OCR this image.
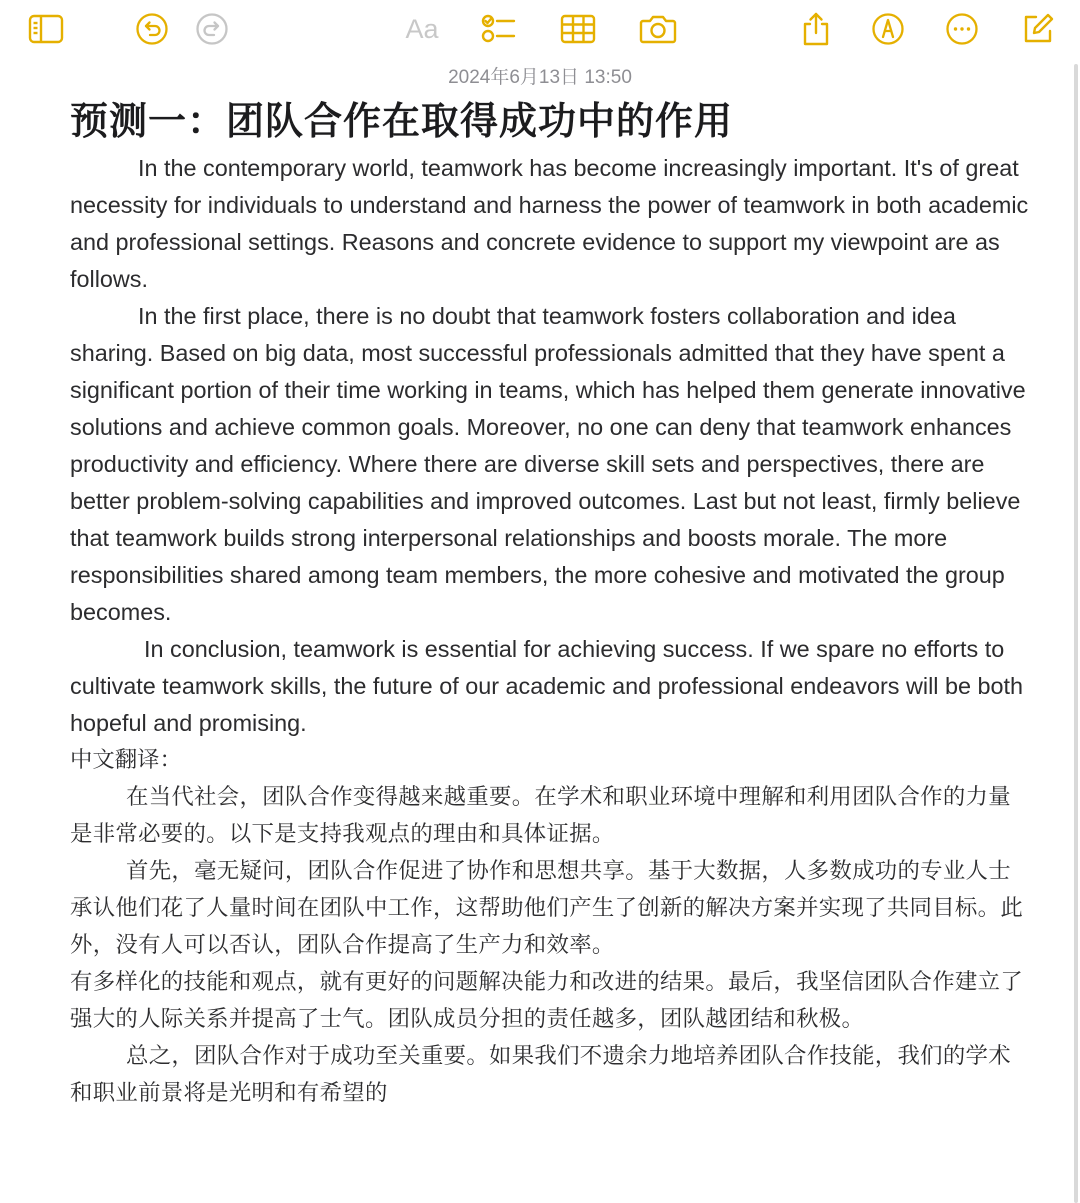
Aa
2024年6月13日 13:50
预测一：团队合作在取得成功中的作用

In the contemporary world, teamwork has become increasingly important. It's of great necessity for individuals to understand and harness the power of teamwork in both academic and professional settings. Reasons and concrete evidence to support my viewpoint are as follows.

In the first place, there is no doubt that teamwork fosters collaboration and idea sharing. Based on big data, most successful professionals admitted that they have spent a significant portion of their time working in teams, which has helped them generate innovative solutions and achieve common goals. Moreover, no one can deny that teamwork enhances productivity and efficiency. Where there are diverse skill sets and perspectives, there are better problem-solving capabilities and improved outcomes. Last but not least, firmly believe that teamwork builds strong interpersonal relationships and boosts morale. The more responsibilities shared among team members, the more cohesive and motivated the group becomes.

In conclusion, teamwork is essential for achieving success. If we spare no efforts to cultivate teamwork skills, the future of our academic and professional endeavors will be both hopeful and promising.

中文翻译：

在当代社会，团队合作变得越来越重要。在学术和职业环境中理解和利用团队合作的力量是非常必要的。以下是支持我观点的理由和具体证据。

首先，毫无疑问，团队合作促进了协作和思想共享。基于大数据，人多数成功的专业人士承认他们花了人量时间在团队中工作，这帮助他们产生了创新的解决方案并实现了共同目标。此外，没有人可以否认，团队合作提高了生产力和效率。

有多样化的技能和观点，就有更好的问题解决能力和改进的结果。最后，我坚信团队合作建立了强大的人际关系并提高了士气。团队成员分担的责任越多，团队越团结和秋极。

总之，团队合作对于成功至关重要。如果我们不遗余力地培养团队合作技能，我们的学术和职业前景将是光明和有希望的
